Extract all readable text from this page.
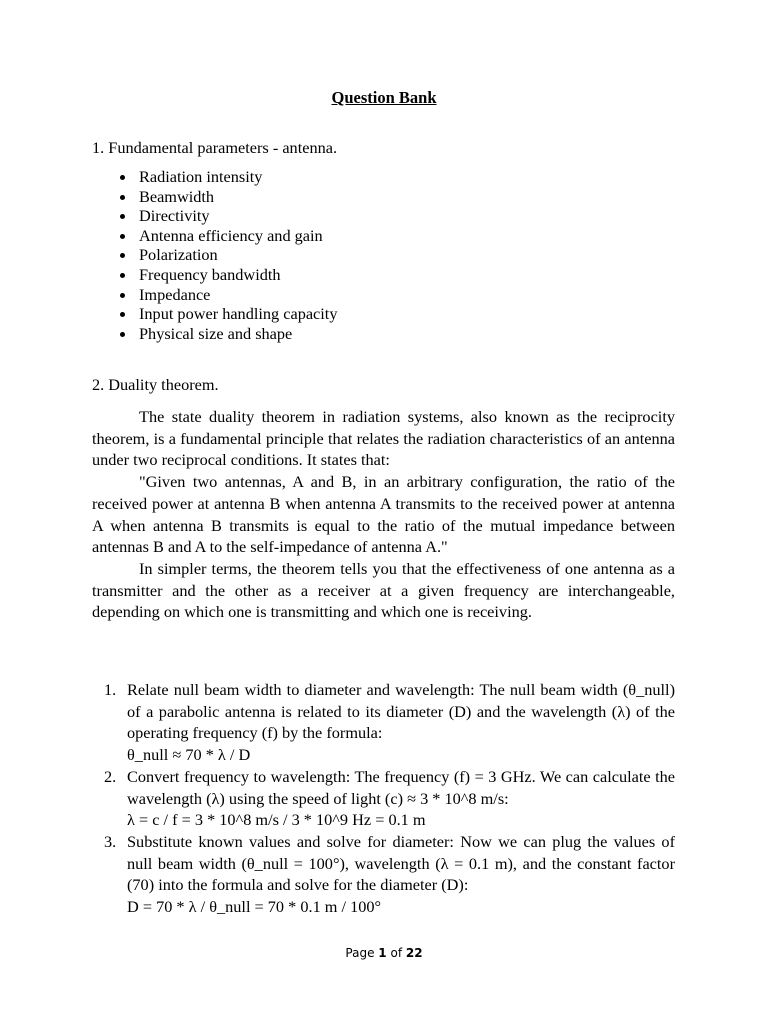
Question Bank

1. Fundamental parameters - antenna.

Radiation intensity
Beamwidth
Directivity
Antenna efficiency and gain
Polarization
Frequency bandwidth
Impedance
Input power handling capacity
Physical size and shape

2. Duality theorem.

The state duality theorem in radiation systems, also known as the reciprocity theorem, is a fundamental principle that relates the radiation characteristics of an antenna under two reciprocal conditions. It states that:

"Given two antennas, A and B, in an arbitrary configuration, the ratio of the received power at antenna B when antenna A transmits to the received power at antenna A when antenna B transmits is equal to the ratio of the mutual impedance between antennas B and A to the self-impedance of antenna A."

In simpler terms, the theorem tells you that the effectiveness of one antenna as a transmitter and the other as a receiver at a given frequency are interchangeable, depending on which one is transmitting and which one is receiving.

1. Relate null beam width to diameter and wavelength: The null beam width (θ_null) of a parabolic antenna is related to its diameter (D) and the wavelength (λ) of the operating frequency (f) by the formula:
θ_null ≈ 70 * λ / D
2. Convert frequency to wavelength: The frequency (f) = 3 GHz. We can calculate the wavelength (λ) using the speed of light (c) ≈ 3 * 10^8 m/s:
λ = c / f = 3 * 10^8 m/s / 3 * 10^9 Hz = 0.1 m
3. Substitute known values and solve for diameter: Now we can plug the values of null beam width (θ_null = 100°), wavelength (λ = 0.1 m), and the constant factor (70) into the formula and solve for the diameter (D):
D = 70 * λ / θ_null = 70 * 0.1 m / 100°
Page 1 of 22
